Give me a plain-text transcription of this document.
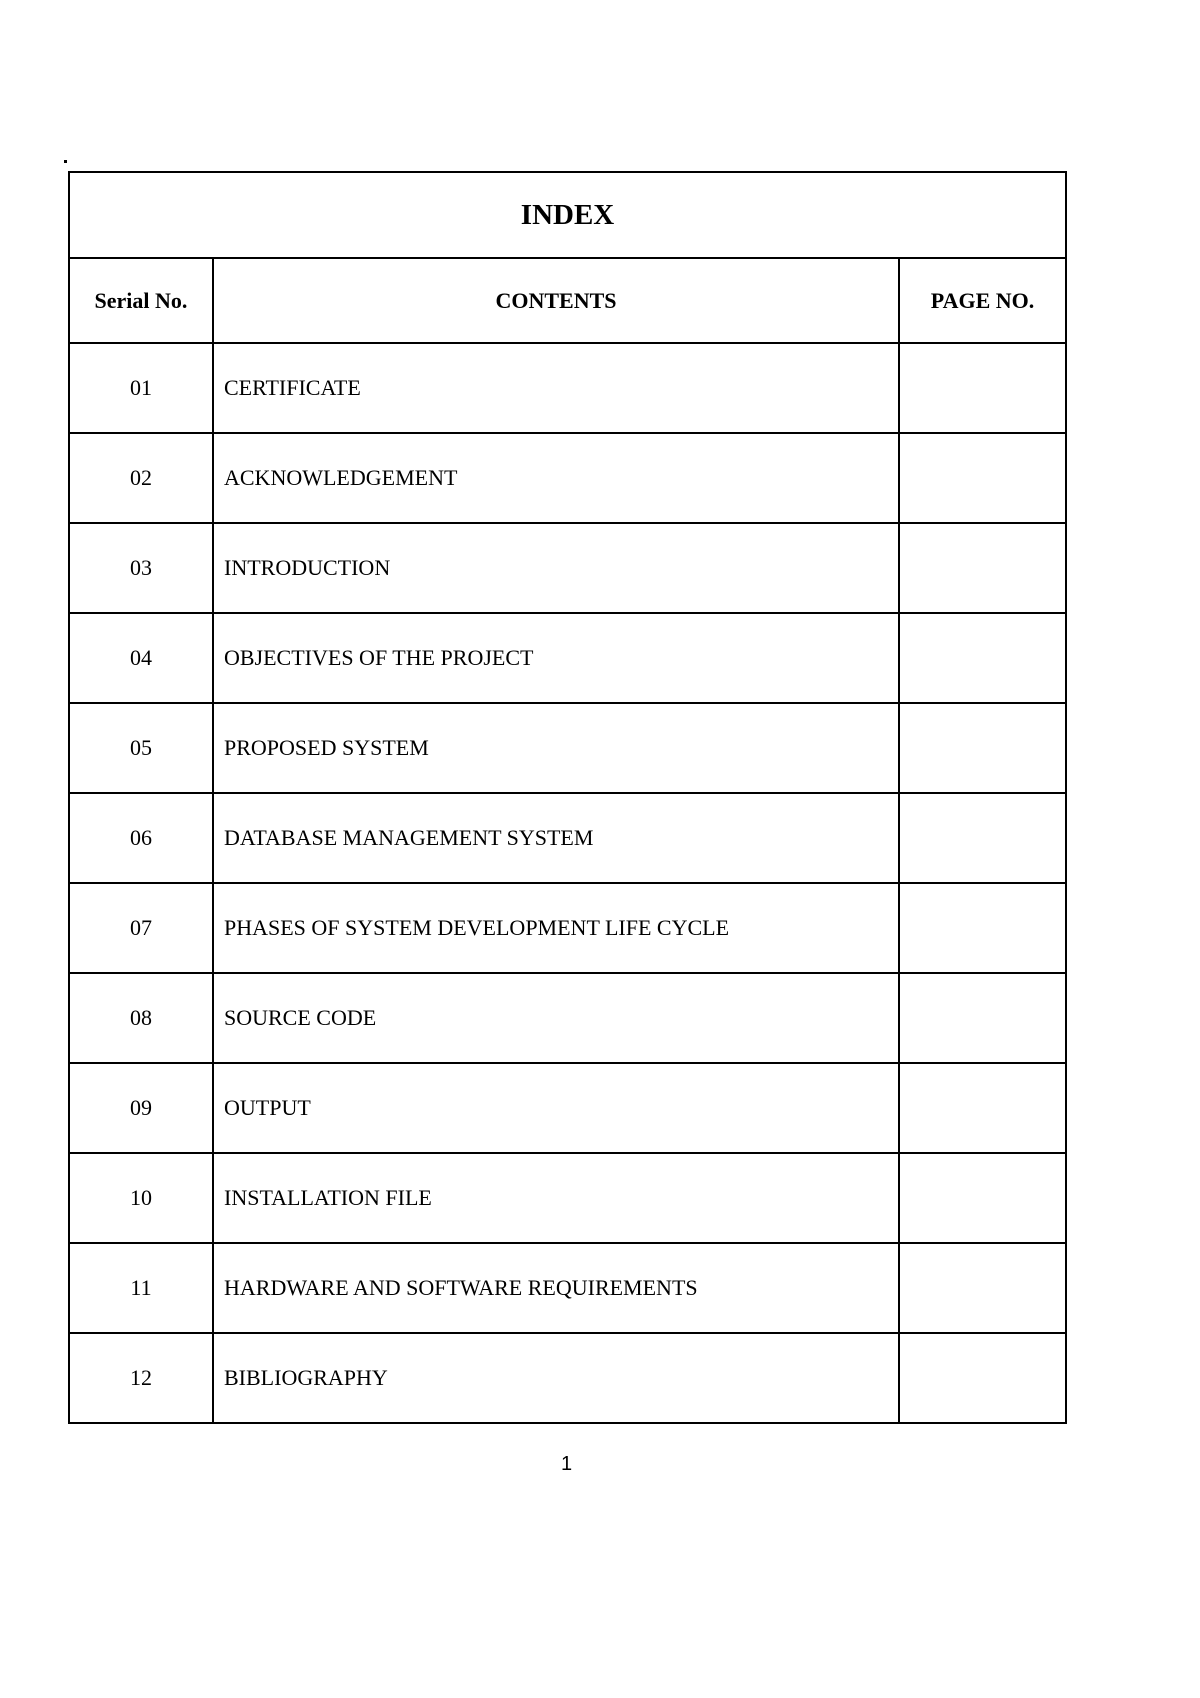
INDEX		
Serial No.	CONTENTS	PAGE NO.
01	CERTIFICATE	
02	ACKNOWLEDGEMENT	
03	INTRODUCTION	
04	OBJECTIVES OF THE PROJECT	
05	PROPOSED SYSTEM	
06	DATABASE MANAGEMENT SYSTEM	
07	PHASES OF SYSTEM DEVELOPMENT LIFE CYCLE	
08	SOURCE CODE	
09	OUTPUT	
10	INSTALLATION FILE	
11	HARDWARE AND SOFTWARE REQUIREMENTS	
12	BIBLIOGRAPHY	
1
